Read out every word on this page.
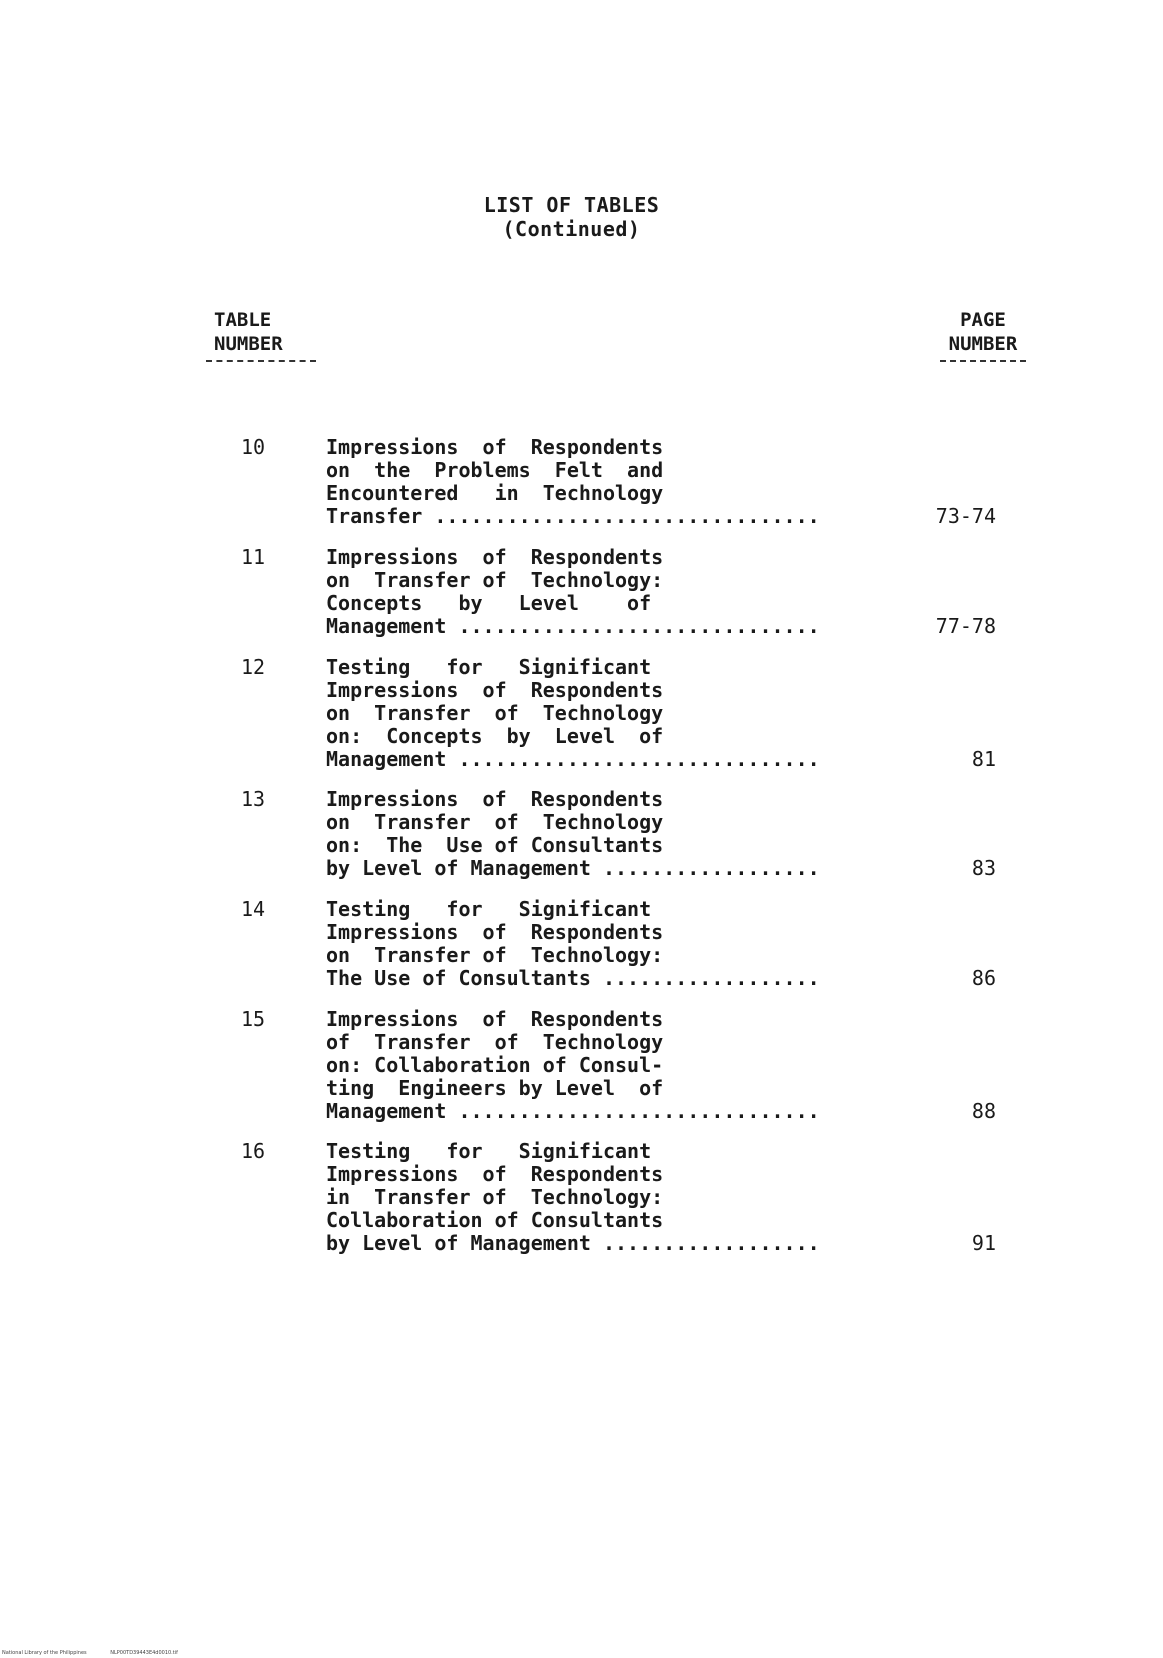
LIST OF TABLES
(Continued)
TABLE
NUMBER
PAGE
NUMBER
10	Impressions  of  Respondents
on  the  Problems  Felt  and
Encountered   in  Technology
Transfer ................................	73-74
11	Impressions  of  Respondents
on  Transfer of  Technology:
Concepts   by   Level    of
Management ..............................	77-78
12	Testing   for   Significant
Impressions  of  Respondents
on  Transfer  of  Technology
on:  Concepts  by  Level  of
Management ..............................	81
13	Impressions  of  Respondents
on  Transfer  of  Technology
on:  The  Use of Consultants
by Level of Management ..................	83
14	Testing   for   Significant
Impressions  of  Respondents
on  Transfer of  Technology:
The Use of Consultants ..................	86
15	Impressions  of  Respondents
of  Transfer  of  Technology
on: Collaboration of Consul-
ting  Engineers by Level  of
Management ..............................	88
16	Testing   for   Significant
Impressions  of  Respondents
in  Transfer of  Technology:
Collaboration of Consultants
by Level of Management ..................	91
National Library of the Philippines	NLP00TD39443E4d0010.tif
